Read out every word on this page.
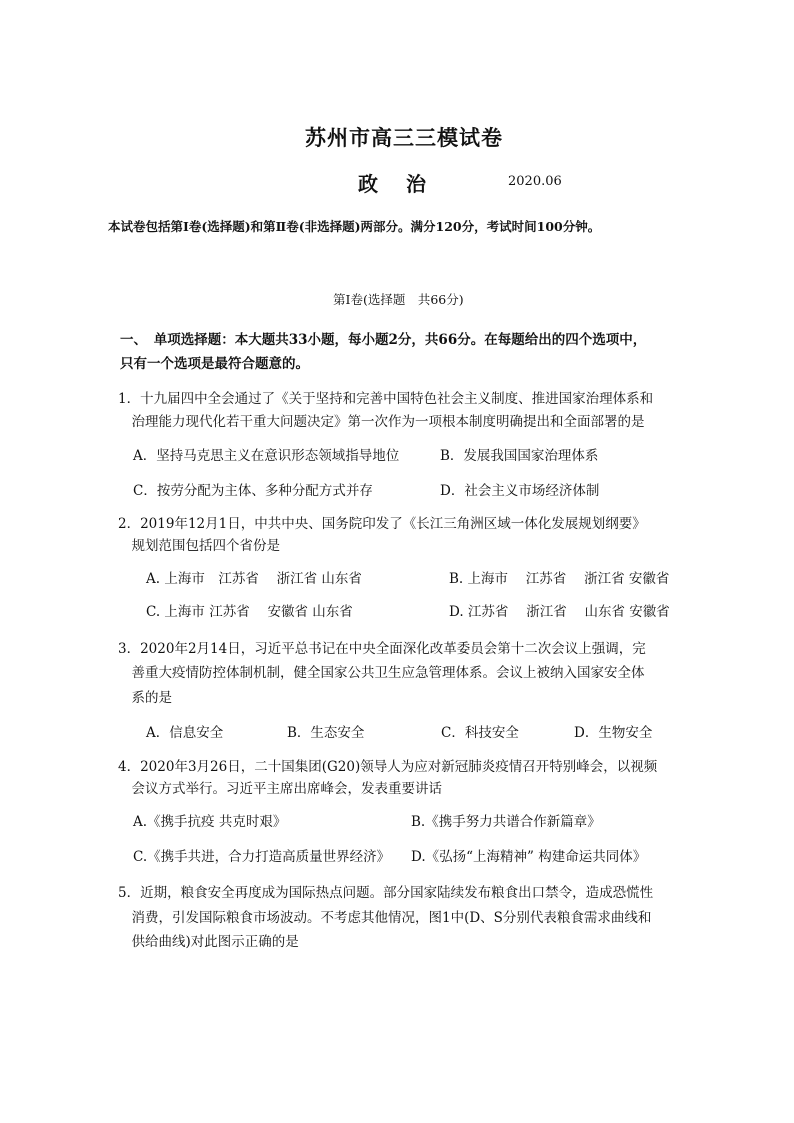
苏州市高三三模试卷
政治	2020.06
本试卷包括第Ⅰ卷(选择题)和第Ⅱ卷(非选择题)两部分。满分120分，考试时间100分钟。
第Ⅰ卷(选择题　共66分)
一、　单项选择题：本大题共33小题，每小题2分，共66分。在每题给出的四个选项中，
只有一个选项是最符合题意的。
1．十九届四中全会通过了《关于坚持和完善中国特色社会主义制度、推进国家治理体系和
　治理能力现代化若干重大问题决定》第一次作为一项根本制度明确提出和全面部署的是
A．坚持马克思主义在意识形态领域指导地位	B．发展我国国家治理体系
C．按劳分配为主体、多种分配方式并存	D．社会主义市场经济体制
2．2019年12月1日，中共中央、国务院印发了《长江三角洲区域一体化发展规划纲要》
　规划范围包括四个省份是
A. 上海市　江苏省　 浙江省 山东省	B. 上海市　 江苏省　 浙江省 安徽省
C. 上海市 江苏省　 安徽省 山东省	D. 江苏省　 浙江省　 山东省 安徽省
3．2020年2月14日，习近平总书记在中央全面深化改革委员会第十二次会议上强调，完
　善重大疫情防控体制机制，健全国家公共卫生应急管理体系。会议上被纳入国家安全体
　系的是
A．信息安全	B．生态安全	C．科技安全	D．生物安全
4．2020年3月26日，二十国集团(G20)领导人为应对新冠肺炎疫情召开特别峰会，以视频
　会议方式举行。习近平主席出席峰会，发表重要讲话
A.《携手抗疫 共克时艰》	B.《携手努力共谱合作新篇章》
C.《携手共进，合力打造高质量世界经济》 D.《弘扬“上海精神” 构建命运共同体》
5．近期，粮食安全再度成为国际热点问题。部分国家陆续发布粮食出口禁令，造成恐慌性
　消费，引发国际粮食市场波动。不考虑其他情况，图1中(D、S分别代表粮食需求曲线和
　供给曲线)对此图示正确的是
